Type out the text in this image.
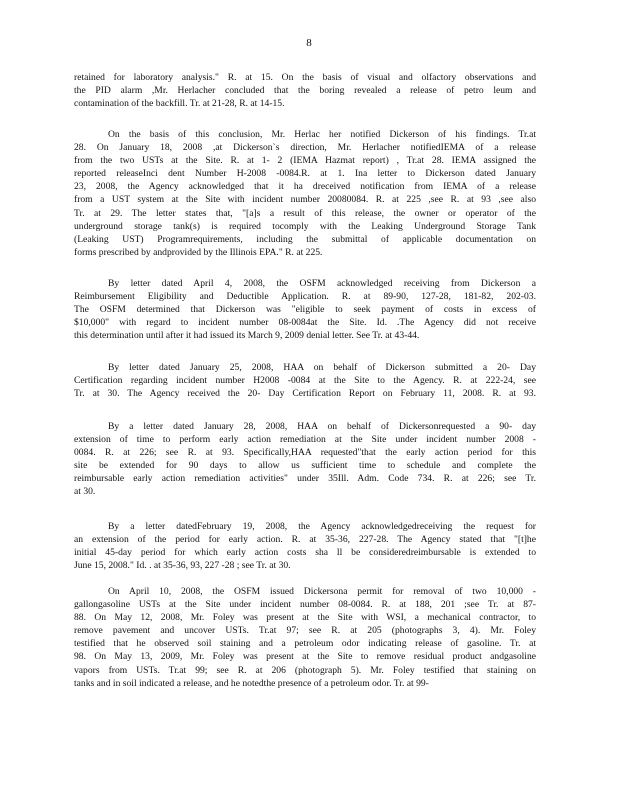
8

retained for laboratory analysis." R. at 15. On the basis of visual and olfactory observations and
the PID alarm ,Mr. Herlacher concluded that the boring revealed a release of petro leum and
contamination of the backfill. Tr. at 21-28, R. at 14-15.

On the basis of this conclusion, Mr. Herlac her notified Dickerson of his findings. Tr.at
28. On January 18, 2008 ,at Dickerson`s direction, Mr. Herlacher notifiedIEMA of a release
from the two USTs at the Site. R. at 1- 2 (IEMA Hazmat report) , Tr.at 28. IEMA assigned the
reported releaseInci dent Number H-2008 -0084.R. at 1. Ina letter to Dickerson dated January
23, 2008, the Agency acknowledged that it ha dreceived notification from IEMA of a release
from a UST system at the Site with incident number 20080084. R. at 225 ,see R. at 93 ,see also
Tr. at 29. The letter states that, "[a]s a result of this release, the owner or operator of the
underground storage tank(s) is required tocomply with the Leaking Underground Storage Tank
(Leaking UST) Programrequirements, including the submittal of applicable documentation on
forms prescribed by andprovided by the Illinois EPA." R. at 225.

By letter dated April 4, 2008, the OSFM acknowledged receiving from Dickerson a
Reimbursement Eligibility and Deductible Application. R. at 89-90, 127-28, 181-82, 202-03.
The OSFM determined that Dickerson was "eligible to seek payment of costs in excess of
$10,000" with regard to incident number 08-0084at the Site. Id. .The Agency did not receive
this determination until after it had issued its March 9, 2009 denial letter. See Tr. at 43-44.

By letter dated January 25, 2008, HAA on behalf of Dickerson submitted a 20- Day
Certification regarding incident number H2008 -0084 at the Site to the Agency. R. at 222-24, see
Tr. at 30. The Agency received the 20- Day Certification Report on February 11, 2008. R. at 93.

By a letter dated January 28, 2008, HAA on behalf of Dickersonrequested a 90- day
extension of time to perform early action remediation at the Site under incident number 2008 -
0084. R. at 226; see R. at 93. Specifically,HAA requested"that the early action period for this
site be extended for 90 days to allow us sufficient time to schedule and complete the
reimbursable early action remediation activities" under 35Ill. Adm. Code 734. R. at 226; see Tr.
at 30.

By a letter datedFebruary 19, 2008, the Agency acknowledgedreceiving the request for
an extension of the period for early action. R. at 35-36, 227-28. The Agency stated that "[t]he
initial 45-day period for which early action costs sha ll be consideredreimbursable is extended to
June 15, 2008." Id. . at 35-36, 93, 227 -28 ; see Tr. at 30.

On April 10, 2008, the OSFM issued Dickersona permit for removal of two 10,000 -
gallongasoline USTs at the Site under incident number 08-0084. R. at 188, 201 ;see Tr. at 87-
88. On May 12, 2008, Mr. Foley was present at the Site with WSI, a mechanical contractor, to
remove pavement and uncover USTs. Tr.at 97; see R. at 205 (photographs 3, 4). Mr. Foley
testified that he observed soil staining and a petroleum odor indicating release of gasoline. Tr. at
98. On May 13, 2009, Mr. Foley was present at the Site to remove residual product andgasoline
vapors from USTs. Tr.at 99; see R. at 206 (photograph 5). Mr. Foley testified that staining on
tanks and in soil indicated a release, and he notedthe presence of a petroleum odor. Tr. at 99-
